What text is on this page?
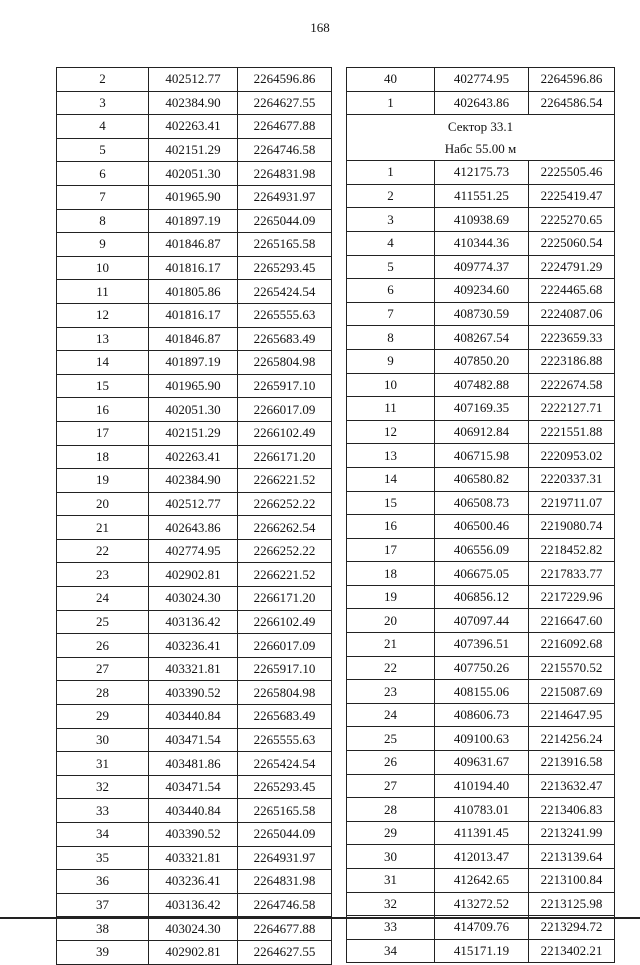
168
2	402512.77	2264596.86
3	402384.90	2264627.55
4	402263.41	2264677.88
5	402151.29	2264746.58
6	402051.30	2264831.98
7	401965.90	2264931.97
8	401897.19	2265044.09
9	401846.87	2265165.58
10	401816.17	2265293.45
11	401805.86	2265424.54
12	401816.17	2265555.63
13	401846.87	2265683.49
14	401897.19	2265804.98
15	401965.90	2265917.10
16	402051.30	2266017.09
17	402151.29	2266102.49
18	402263.41	2266171.20
19	402384.90	2266221.52
20	402512.77	2266252.22
21	402643.86	2266262.54
22	402774.95	2266252.22
23	402902.81	2266221.52
24	403024.30	2266171.20
25	403136.42	2266102.49
26	403236.41	2266017.09
27	403321.81	2265917.10
28	403390.52	2265804.98
29	403440.84	2265683.49
30	403471.54	2265555.63
31	403481.86	2265424.54
32	403471.54	2265293.45
33	403440.84	2265165.58
34	403390.52	2265044.09
35	403321.81	2264931.97
36	403236.41	2264831.98
37	403136.42	2264746.58
38	403024.30	2264677.88
39	402902.81	2264627.55
40	402774.95	2264596.86
1	402643.86	2264586.54

Сектор 33.1
Набс 55.00 м		

1	412175.73	2225505.46
2	411551.25	2225419.47
3	410938.69	2225270.65
4	410344.36	2225060.54
5	409774.37	2224791.29
6	409234.60	2224465.68
7	408730.59	2224087.06
8	408267.54	2223659.33
9	407850.20	2223186.88
10	407482.88	2222674.58
11	407169.35	2222127.71
12	406912.84	2221551.88
13	406715.98	2220953.02
14	406580.82	2220337.31
15	406508.73	2219711.07
16	406500.46	2219080.74
17	406556.09	2218452.82
18	406675.05	2217833.77
19	406856.12	2217229.96
20	407097.44	2216647.60
21	407396.51	2216092.68
22	407750.26	2215570.52
23	408155.06	2215087.69
24	408606.73	2214647.95
25	409100.63	2214256.24
26	409631.67	2213916.58
27	410194.40	2213632.47
28	410783.01	2213406.83
29	411391.45	2213241.99
30	412013.47	2213139.64
31	412642.65	2213100.84
32	413272.52	2213125.98
33	414709.76	2213294.72
34	415171.19	2213402.21
